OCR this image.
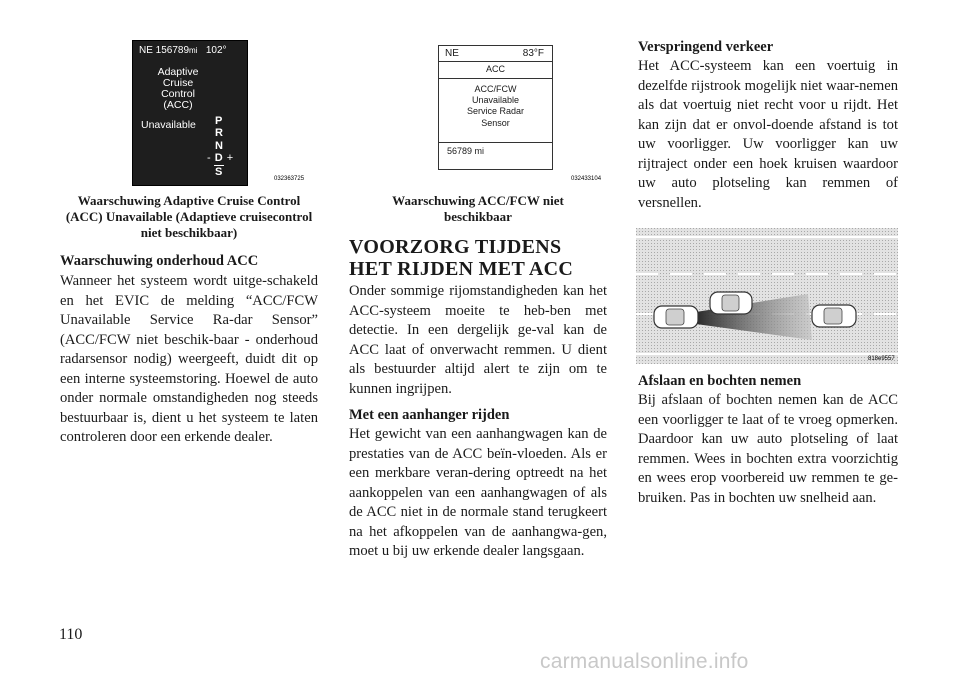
NE 156789mi 102°
Adaptive
Cruise
Control
(ACC)
Unavailable P
R
N
- D +
S
032363725
Waarschuwing Adaptive Cruise Control (ACC) Unavailable (Adaptieve cruisecontrol niet beschikbaar)
Waarschuwing onderhoud ACC
Wanneer het systeem wordt uitge-schakeld en het EVIC de melding “ACC/FCW Unavailable Service Ra-dar Sensor” (ACC/FCW niet beschik-baar - onderhoud radarsensor nodig) weergeeft, duidt dit op een interne systeemstoring. Hoewel de auto onder normale omstandigheden nog steeds bestuurbaar is, dient u het systeem te laten controleren door een erkende dealer.
NE	83°F
ACC
ACC/FCW
Unavailable
Service Radar
Sensor
56789 mi
032433104
Waarschuwing ACC/FCW niet beschikbaar
VOORZORG TIJDENS HET RIJDEN MET ACC
Onder sommige rijomstandigheden kan het ACC-systeem moeite te heb-ben met detectie. In een dergelijk ge-val kan de ACC laat of onverwacht remmen. U dient als bestuurder altijd alert te zijn om te kunnen ingrijpen.
Met een aanhanger rijden
Het gewicht van een aanhangwagen kan de prestaties van de ACC beïn-vloeden. Als er een merkbare veran-dering optreedt na het aankoppelen van een aanhangwagen of als de ACC niet in de normale stand terugkeert na het afkoppelen van de aanhangwa-gen, moet u bij uw erkende dealer langsgaan.
Verspringend verkeer
Het ACC-systeem kan een voertuig in dezelfde rijstrook mogelijk niet waar-nemen als dat voertuig niet recht voor u rijdt. Het kan zijn dat er onvol-doende afstand is tot uw voorligger. Uw voorligger kan uw rijtraject onder een hoek kruisen waardoor uw auto plotseling kan remmen of versnellen.
818e9557
Afslaan en bochten nemen
Bij afslaan of bochten nemen kan de ACC een voorligger te laat of te vroeg opmerken. Daardoor kan uw auto plotseling of laat remmen. Wees in bochten extra voorzichtig en wees erop voorbereid uw remmen te ge-bruiken. Pas in bochten uw snelheid aan.
110
carmanualsonline.info
